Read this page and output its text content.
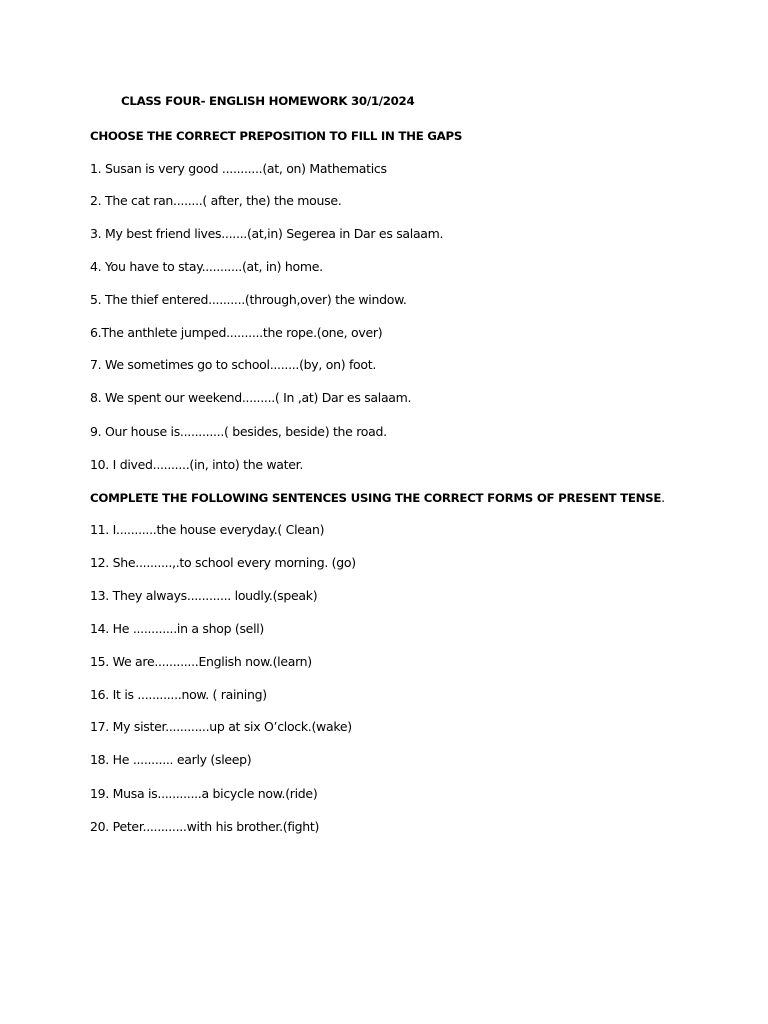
CLASS FOUR- ENGLISH HOMEWORK 30/1/2024
CHOOSE THE CORRECT PREPOSITION TO FILL IN THE GAPS
1. Susan is very good ...........(at, on) Mathematics
2. The cat ran........( after, the) the mouse.
3. My best friend lives.......(at,in) Segerea in Dar es salaam.
4. You have to stay...........(at, in) home.
5. The thief entered..........(through,over) the window.
6.The anthlete jumped..........the rope.(one, over)
7. We sometimes go to school........(by, on) foot.
8. We spent our weekend.........( In ,at) Dar es salaam.
9. Our house is............( besides, beside) the road.
10. I dived..........(in, into) the water.
COMPLETE THE FOLLOWING SENTENCES USING THE CORRECT FORMS OF PRESENT TENSE.
11. I...........the house everyday.( Clean)
12. She..........,.to school every morning. (go)
13. They always............ loudly.(speak)
14. He ............in a shop (sell)
15. We are............English now.(learn)
16. It is ............now. ( raining)
17. My sister............up at six O’clock.(wake)
18. He ........... early (sleep)
19. Musa is............a bicycle now.(ride)
20. Peter............with his brother.(fight)
